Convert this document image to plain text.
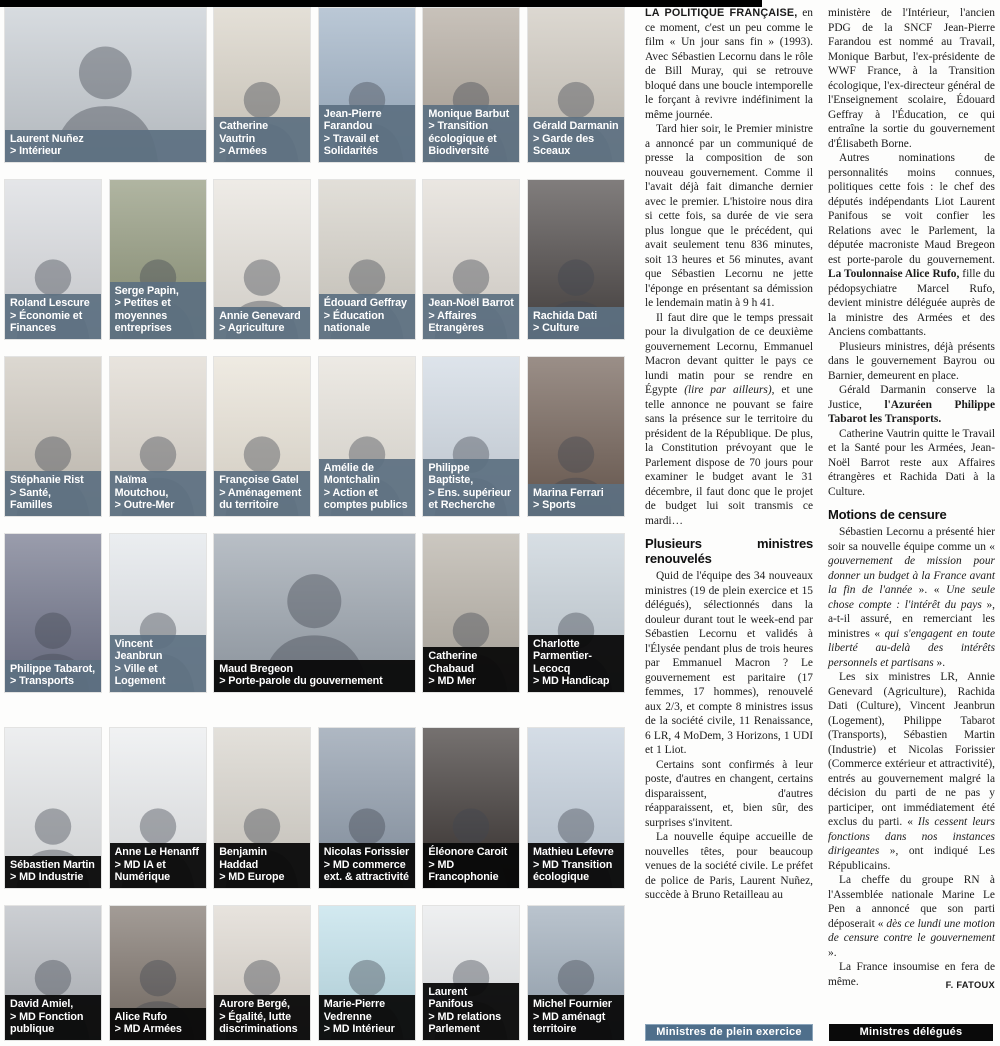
Laurent Nuñez
> Intérieur
Catherine Vautrin
> Armées
Jean-Pierre Farandou
> Travail et Solidarités
Monique Barbut
> Transition écologique et Biodiversité
Gérald Darmanin
> Garde des Sceaux
Roland Lescure
> Économie et Finances
Serge Papin,
> Petites et moyennes entreprises
Annie Genevard
> Agriculture
Édouard Geffray
> Éducation nationale
Jean-Noël Barrot
> Affaires Etrangères
Rachida Dati
> Culture
Stéphanie Rist
> Santé, Familles
Naïma Moutchou,
> Outre-Mer
Françoise Gatel
> Aménagement du territoire
Amélie de Montchalin
> Action et comptes publics
Philippe Baptiste,
> Ens. supérieur et Recherche
Marina Ferrari
> Sports
Philippe Tabarot,
> Transports
Vincent Jeanbrun
> Ville et Logement
Maud Bregeon
> Porte-parole du gouvernement
Catherine Chabaud
> MD Mer
Charlotte Parmentier-Lecocq
> MD Handicap
Sébastien Martin
> MD Industrie
Anne Le Henanff
> MD IA et Numérique
Benjamin Haddad
> MD Europe
Nicolas Forissier
> MD commerce ext. & attractivité
Éléonore Caroit
> MD Francophonie
Mathieu Lefevre
> MD Transition écologique
David Amiel,
> MD Fonction publique
Alice Rufo
> MD Armées
Aurore Bergé,
> Égalité, lutte discriminations
Marie-Pierre Vedrenne
> MD Intérieur
Laurent Panifous
> MD relations Parlement
Michel Fournier
> MD aménagt territoire

LA POLITIQUE FRANÇAISE, en ce moment, c'est un peu comme le film « Un jour sans fin » (1993). Avec Sébastien Lecornu dans le rôle de Bill Muray, qui se retrouve bloqué dans une boucle intemporelle le forçant à revivre indéfiniment la même journée.

Tard hier soir, le Premier ministre a annoncé par un communiqué de presse la composition de son nouveau gouvernement. Comme il l'avait déjà fait dimanche dernier avec le premier. L'histoire nous dira si cette fois, sa durée de vie sera plus longue que le précédent, qui avait seulement tenu 836 minutes, soit 13 heures et 56 minutes, avant que Sébastien Lecornu ne jette l'éponge en présentant sa démission le lendemain matin à 9 h 41.

Il faut dire que le temps pressait pour la divulgation de ce deuxième gouvernement Lecornu, Emmanuel Macron devant quitter le pays ce lundi matin pour se rendre en Égypte (lire par ailleurs), et une telle annonce ne pouvant se faire sans la présence sur le territoire du président de la République. De plus, la Constitution prévoyant que le Parlement dispose de 70 jours pour examiner le budget avant le 31 décembre, il faut donc que le projet de budget lui soit transmis ce mardi…

Plusieurs ministres renouvelés

Quid de l'équipe des 34 nouveaux ministres (19 de plein exercice et 15 délégués), sélectionnés dans la douleur durant tout le week-end par Sébastien Lecornu et validés à l'Élysée pendant plus de trois heures par Emmanuel Macron ? Le gouvernement est paritaire (17 femmes, 17 hommes), renouvelé aux 2/3, et compte 8 ministres issus de la société civile, 11 Renaissance, 6 LR, 4 MoDem, 3 Horizons, 1 UDI et 1 Liot.

Certains sont confirmés à leur poste, d'autres en changent, certains disparaissent, d'autres réapparaissent, et, bien sûr, des surprises s'invitent.

La nouvelle équipe accueille de nouvelles têtes, pour beaucoup venues de la société civile. Le préfet de police de Paris, Laurent Nuñez, succède à Bruno Retailleau au

ministère de l'Intérieur, l'ancien PDG de la SNCF Jean-Pierre Farandou est nommé au Travail, Monique Barbut, l'ex-présidente de WWF France, à la Transition écologique, l'ex-directeur général de l'Enseignement scolaire, Édouard Geffray à l'Éducation, ce qui entraîne la sortie du gouvernement d'Élisabeth Borne.

Autres nominations de personnalités moins connues, politiques cette fois : le chef des députés indépendants Liot Laurent Panifous se voit confier les Relations avec le Parlement, la députée macroniste Maud Bregeon est porte-parole du gouvernement. La Toulonnaise Alice Rufo, fille du pédopsychiatre Marcel Rufo, devient ministre déléguée auprès de la ministre des Armées et des Anciens combattants.

Plusieurs ministres, déjà présents dans le gouvernement Bayrou ou Barnier, demeurent en place.

Gérald Darmanin conserve la Justice, l'Azuréen Philippe Tabarot les Transports.

Catherine Vautrin quitte le Travail et la Santé pour les Armées, Jean-Noël Barrot reste aux Affaires étrangères et Rachida Dati à la Culture.

Motions de censure

Sébastien Lecornu a présenté hier soir sa nouvelle équipe comme un « gouvernement de mission pour donner un budget à la France avant la fin de l'année ». « Une seule chose compte : l'intérêt du pays », a-t-il assuré, en remerciant les ministres « qui s'engagent en toute liberté au-delà des intérêts personnels et partisans ».

Les six ministres LR, Annie Genevard (Agriculture), Rachida Dati (Culture), Vincent Jeanbrun (Logement), Philippe Tabarot (Transports), Sébastien Martin (Industrie) et Nicolas Forissier (Commerce extérieur et attractivité), entrés au gouvernement malgré la décision du parti de ne pas y participer, ont immédiatement été exclus du parti. « Ils cessent leurs fonctions dans nos instances dirigeantes », ont indiqué Les Républicains.

La cheffe du groupe RN à l'Assemblée nationale Marine Le Pen a annoncé que son parti déposerait « dès ce lundi une motion de censure contre le gouvernement ».

La France insoumise en fera de même.	F. FATOUX

Ministres de plein exercice	Ministres délégués
